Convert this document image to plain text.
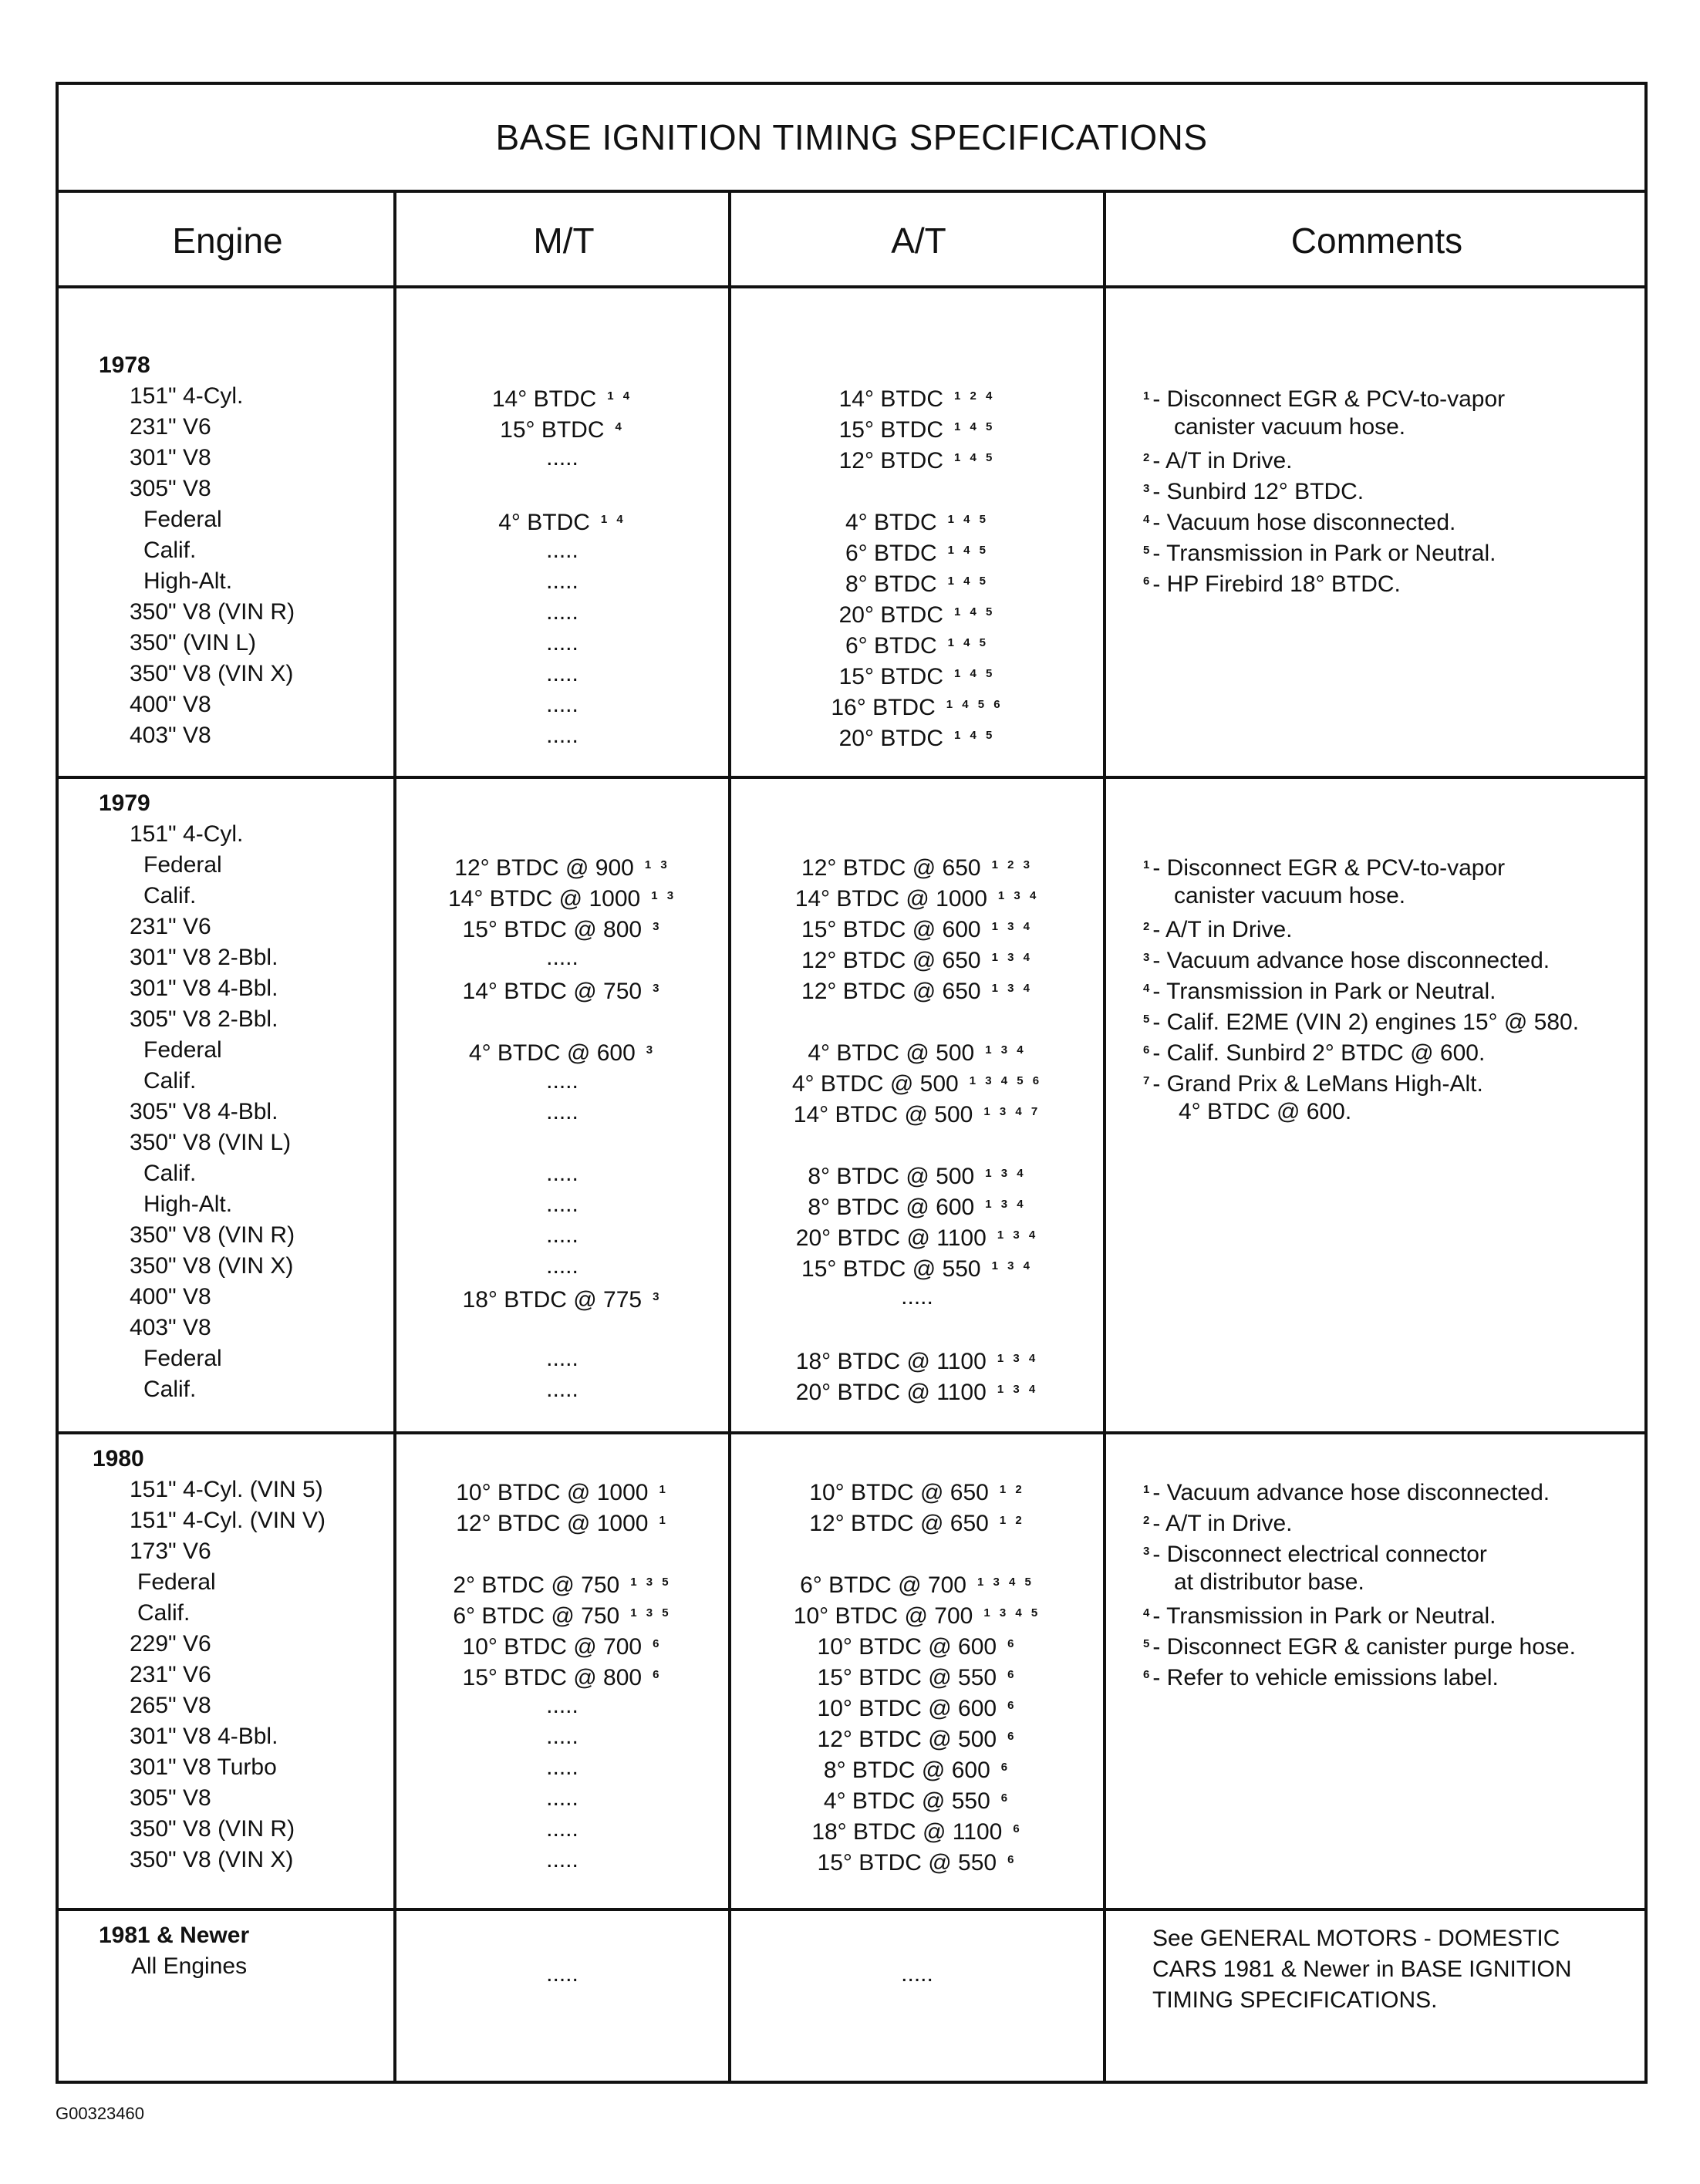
BASE IGNITION TIMING SPECIFICATIONS
Engine	M/T	A/T	Comments
1978
151" 4-Cyl.	14° BTDC $^{1 4}$	14° BTDC $^{1 2 4}$
231" V6	15° BTDC $^4$	15° BTDC $^{1 4 5}$
301" V8	.....	12° BTDC $^{1 4 5}$
305" V8
Federal	4° BTDC $^{1 4}$	4° BTDC $^{1 4 5}$
Calif.	.....	6° BTDC $^{1 4 5}$
High-Alt.	.....	8° BTDC $^{1 4 5}$
350" V8 (VIN R)	.....	20° BTDC $^{1 4 5}$
350" (VIN L)	.....	6° BTDC $^{1 4 5}$
350" V8 (VIN X)	.....	15° BTDC $^{1 4 5}$
400" V8	.....	16° BTDC $^{1 4 5 6}$
403" V8	.....	20° BTDC $^{1 4 5}$
$^1$ - Disconnect EGR & PCV-to-vapor
canister vacuum hose.
$^2$ - A/T in Drive.
$^3$ - Sunbird 12° BTDC.
$^4$ - Vacuum hose disconnected.
$^5$ - Transmission in Park or Neutral.
$^6$ - HP Firebird 18° BTDC.
1979
151" 4-Cyl.
Federal	12° BTDC @ 900 $^{1 3}$	12° BTDC @ 650 $^{1 2 3}$
Calif.	14° BTDC @ 1000 $^{1 3}$	14° BTDC @ 1000 $^{1 3 4}$
231" V6	15° BTDC @ 800 $^3$	15° BTDC @ 600 $^{1 3 4}$
301" V8 2-Bbl.	.....	12° BTDC @ 650 $^{1 3 4}$
301" V8 4-Bbl.	14° BTDC @ 750 $^3$	12° BTDC @ 650 $^{1 3 4}$
305" V8 2-Bbl.
Federal	4° BTDC @ 600 $^3$	4° BTDC @ 500 $^{1 3 4}$
Calif.	.....	4° BTDC @ 500 $^{1 3 4 5 6}$
305" V8 4-Bbl.	.....	14° BTDC @ 500 $^{1 3 4 7}$
350" V8 (VIN L)
Calif.	.....	8° BTDC @ 500 $^{1 3 4}$
High-Alt.	.....	8° BTDC @ 600 $^{1 3 4}$
350" V8 (VIN R)	.....	20° BTDC @ 1100 $^{1 3 4}$
350" V8 (VIN X)	.....	15° BTDC @ 550 $^{1 3 4}$
400" V8	18° BTDC @ 775 $^3$	.....
403" V8
Federal	.....	18° BTDC @ 1100 $^{1 3 4}$
Calif.	.....	20° BTDC @ 1100 $^{1 3 4}$
$^1$ - Disconnect EGR & PCV-to-vapor
canister vacuum hose.
$^2$ - A/T in Drive.
$^3$ - Vacuum advance hose disconnected.
$^4$ - Transmission in Park or Neutral.
$^5$ - Calif. E2ME (VIN 2) engines 15° @ 580.
$^6$ - Calif. Sunbird 2° BTDC @ 600.
$^7$ - Grand Prix & LeMans High-Alt.
4° BTDC @ 600.
1980
151" 4-Cyl. (VIN 5)	10° BTDC @ 1000 $^1$	10° BTDC @ 650 $^{1 2}$
151" 4-Cyl. (VIN V)	12° BTDC @ 1000 $^1$	12° BTDC @ 650 $^{1 2}$
173" V6
Federal	2° BTDC @ 750 $^{1 3 5}$	6° BTDC @ 700 $^{1 3 4 5}$
Calif.	6° BTDC @ 750 $^{1 3 5}$	10° BTDC @ 700 $^{1 3 4 5}$
229" V6	10° BTDC @ 700 $^6$	10° BTDC @ 600 $^6$
231" V6	15° BTDC @ 800 $^6$	15° BTDC @ 550 $^6$
265" V8	.....	10° BTDC @ 600 $^6$
301" V8 4-Bbl.	.....	12° BTDC @ 500 $^6$
301" V8 Turbo	.....	8° BTDC @ 600 $^6$
305" V8	.....	4° BTDC @ 550 $^6$
350" V8 (VIN R)	.....	18° BTDC @ 1100 $^6$
350" V8 (VIN X)	.....	15° BTDC @ 550 $^6$
$^1$ - Vacuum advance hose disconnected.
$^2$ - A/T in Drive.
$^3$ - Disconnect electrical connector
at distributor base.
$^4$ - Transmission in Park or Neutral.
$^5$ - Disconnect EGR & canister purge hose.
$^6$ - Refer to vehicle emissions label.
1981 & Newer
All Engines	.....	.....
See GENERAL MOTORS - DOMESTIC
CARS 1981 & Newer in BASE IGNITION
TIMING SPECIFICATIONS.
G00323460
